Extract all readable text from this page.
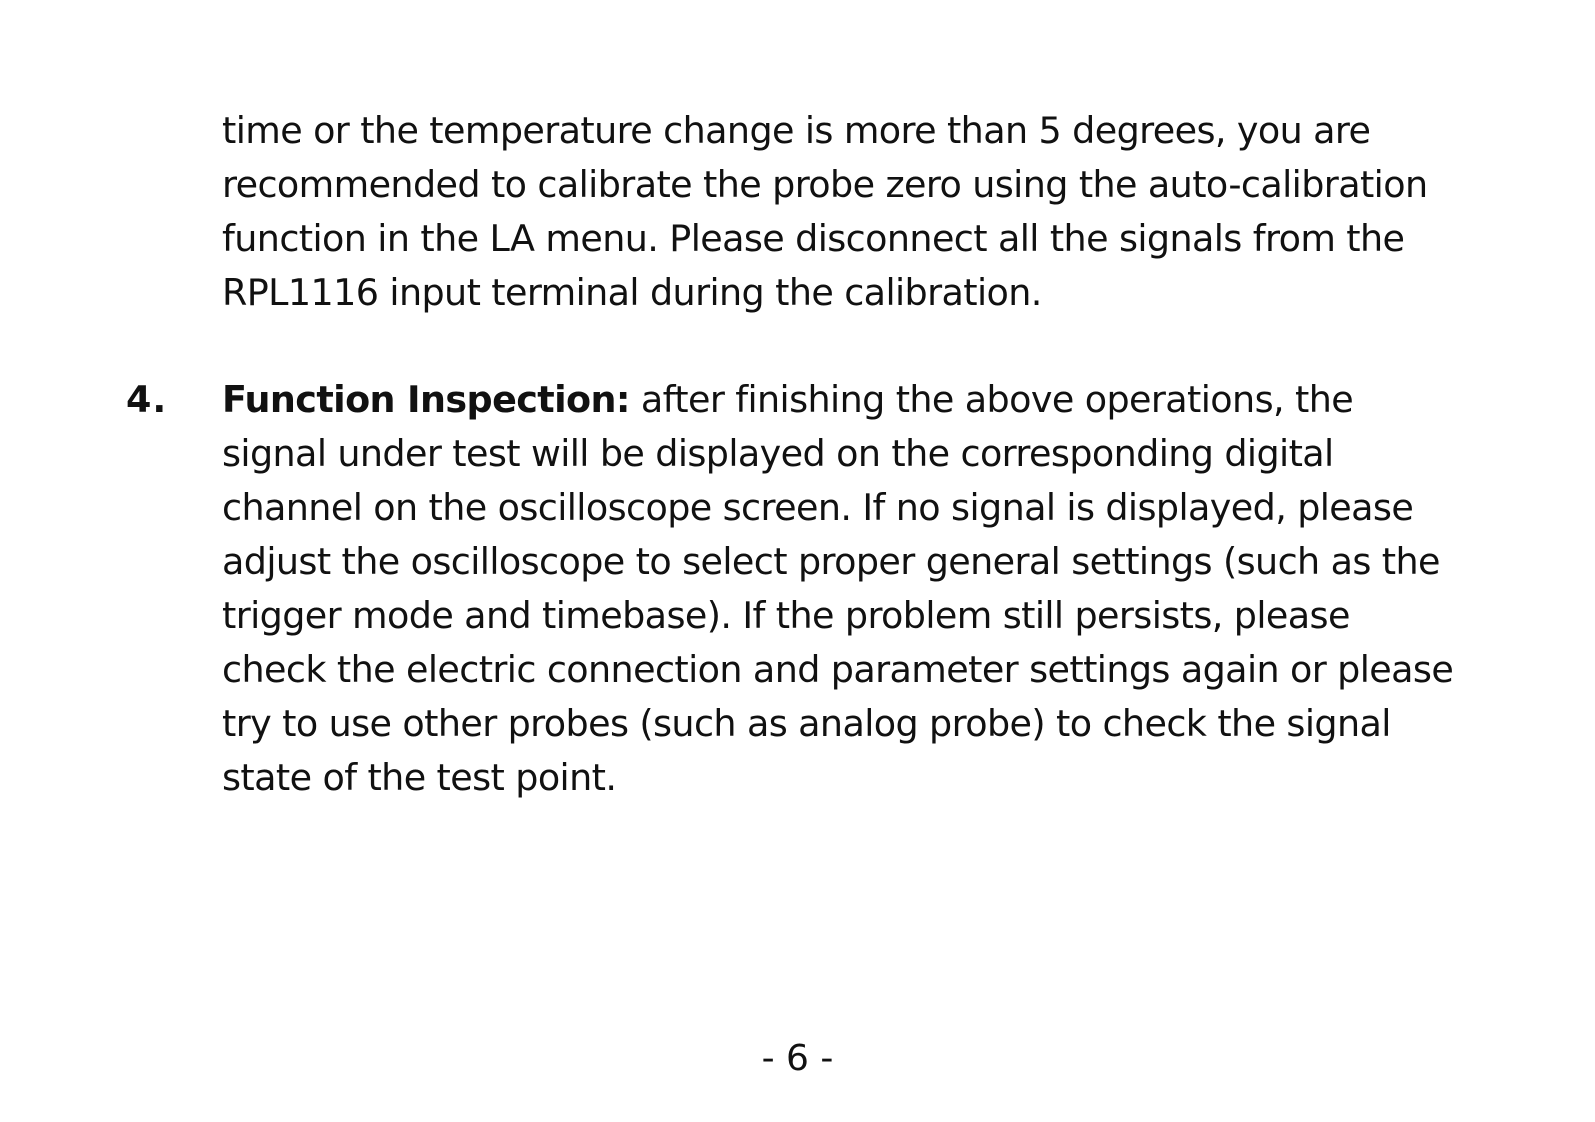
time or the temperature change is more than 5 degrees, you are
recommended to calibrate the probe zero using the auto-calibration
function in the LA menu. Please disconnect all the signals from the
RPL1116 input terminal during the calibration.
4. Function Inspection: after finishing the above operations, the
signal under test will be displayed on the corresponding digital
channel on the oscilloscope screen. If no signal is displayed, please
adjust the oscilloscope to select proper general settings (such as the
trigger mode and timebase). If the problem still persists, please
check the electric connection and parameter settings again or please
try to use other probes (such as analog probe) to check the signal
state of the test point.
- 6 -
